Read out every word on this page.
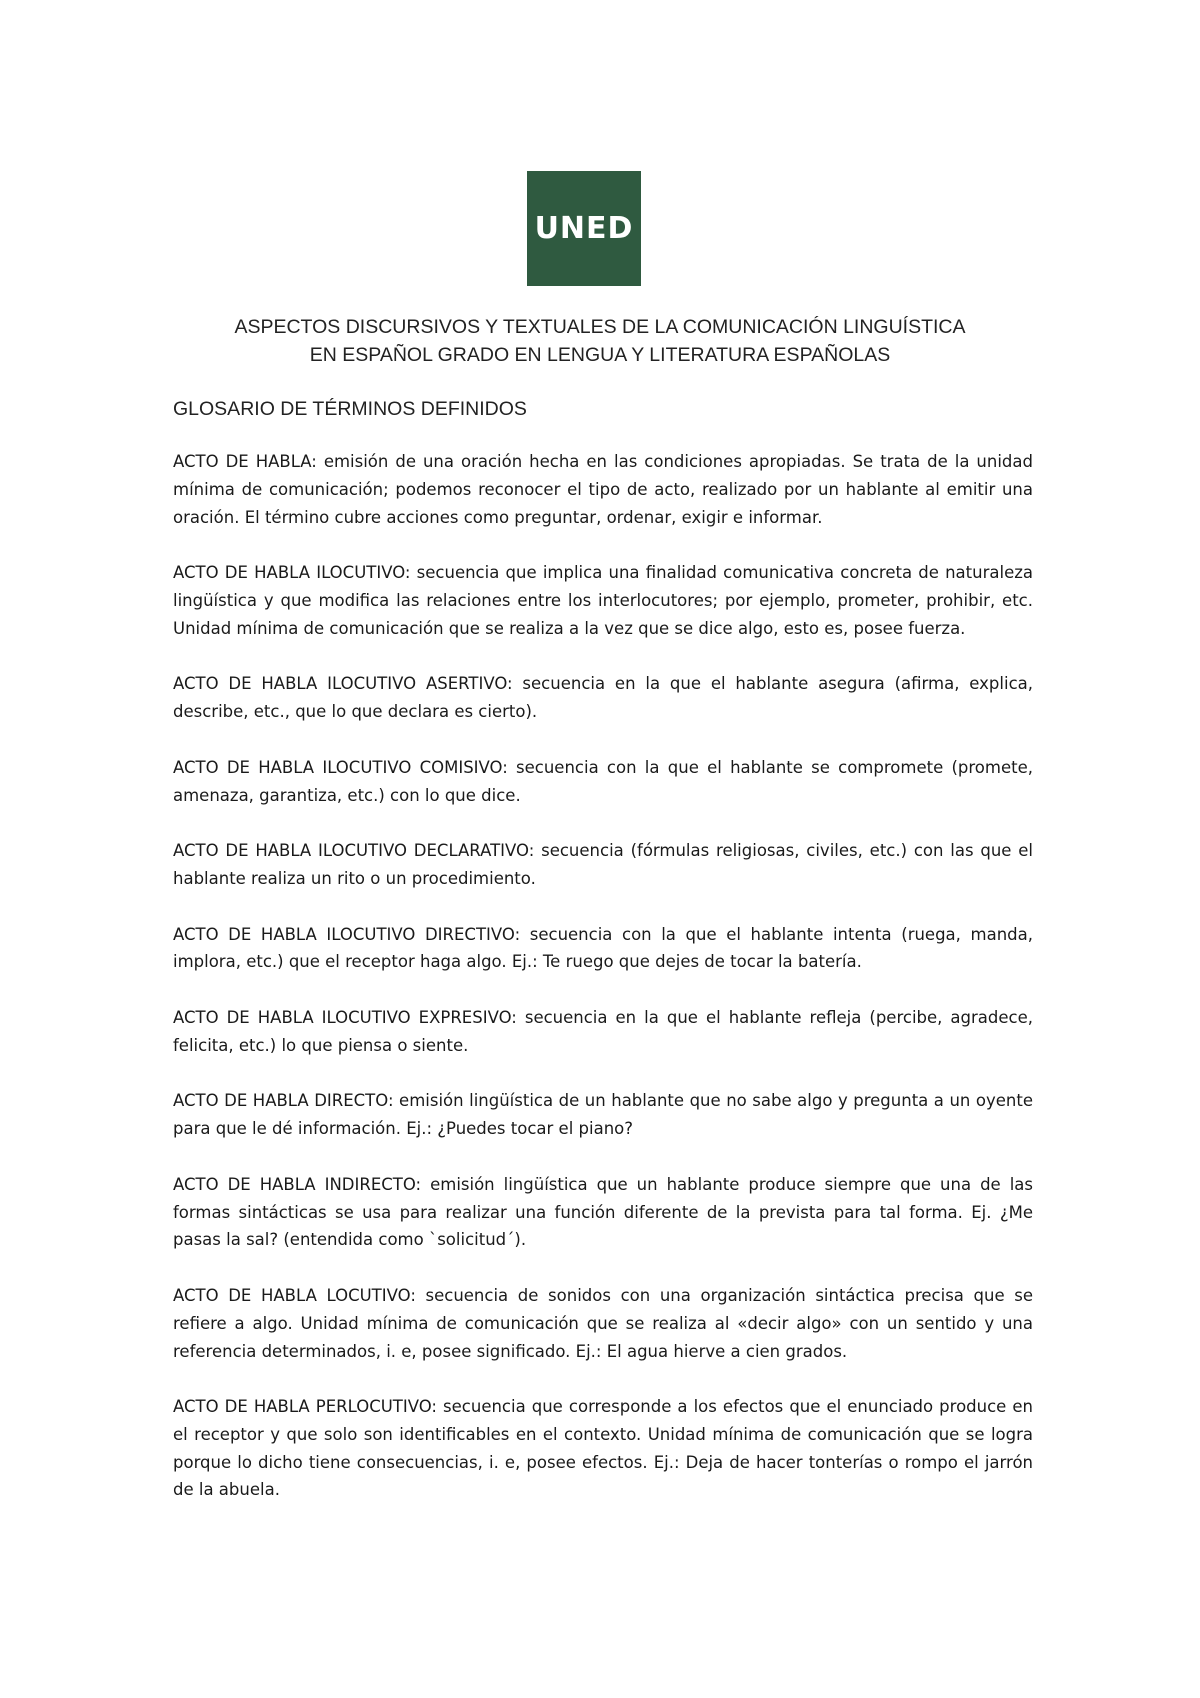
UNED
ASPECTOS DISCURSIVOS Y TEXTUALES DE LA COMUNICACIÓN LINGUÍSTICA
EN ESPAÑOL GRADO EN LENGUA Y LITERATURA ESPAÑOLAS
GLOSARIO DE TÉRMINOS DEFINIDOS

ACTO DE HABLA: emisión de una oración hecha en las condiciones apropiadas. Se trata de la unidad mínima de comunicación; podemos reconocer el tipo de acto, realizado por un hablante al emitir una oración. El término cubre acciones como preguntar, ordenar, exigir e informar.

ACTO DE HABLA ILOCUTIVO: secuencia que implica una finalidad comunicativa concreta de naturaleza lingüística y que modifica las relaciones entre los interlocutores; por ejemplo, prometer, prohibir, etc. Unidad mínima de comunicación que se realiza a la vez que se dice algo, esto es, posee fuerza.

ACTO DE HABLA ILOCUTIVO ASERTIVO: secuencia en la que el hablante asegura (afirma, explica, describe, etc., que lo que declara es cierto).

ACTO DE HABLA ILOCUTIVO COMISIVO: secuencia con la que el hablante se compromete (promete, amenaza, garantiza, etc.) con lo que dice.

ACTO DE HABLA ILOCUTIVO DECLARATIVO: secuencia (fórmulas religiosas, civiles, etc.) con las que el hablante realiza un rito o un procedimiento.

ACTO DE HABLA ILOCUTIVO DIRECTIVO: secuencia con la que el hablante intenta (ruega, manda, implora, etc.) que el receptor haga algo. Ej.: Te ruego que dejes de tocar la batería.

ACTO DE HABLA ILOCUTIVO EXPRESIVO: secuencia en la que el hablante refleja (percibe, agradece, felicita, etc.) lo que piensa o siente.

ACTO DE HABLA DIRECTO: emisión lingüística de un hablante que no sabe algo y pregunta a un oyente para que le dé información. Ej.: ¿Puedes tocar el piano?

ACTO DE HABLA INDIRECTO: emisión lingüística que un hablante produce siempre que una de las formas sintácticas se usa para realizar una función diferente de la prevista para tal forma. Ej. ¿Me pasas la sal? (entendida como `solicitud´).

ACTO DE HABLA LOCUTIVO: secuencia de sonidos con una organización sintáctica precisa que se refiere a algo. Unidad mínima de comunicación que se realiza al «decir algo» con un sentido y una referencia determinados, i. e, posee significado. Ej.: El agua hierve a cien grados.

ACTO DE HABLA PERLOCUTIVO: secuencia que corresponde a los efectos que el enunciado produce en el receptor y que solo son identificables en el contexto. Unidad mínima de comunicación que se logra porque lo dicho tiene consecuencias, i. e, posee efectos. Ej.: Deja de hacer tonterías o rompo el jarrón de la abuela.
